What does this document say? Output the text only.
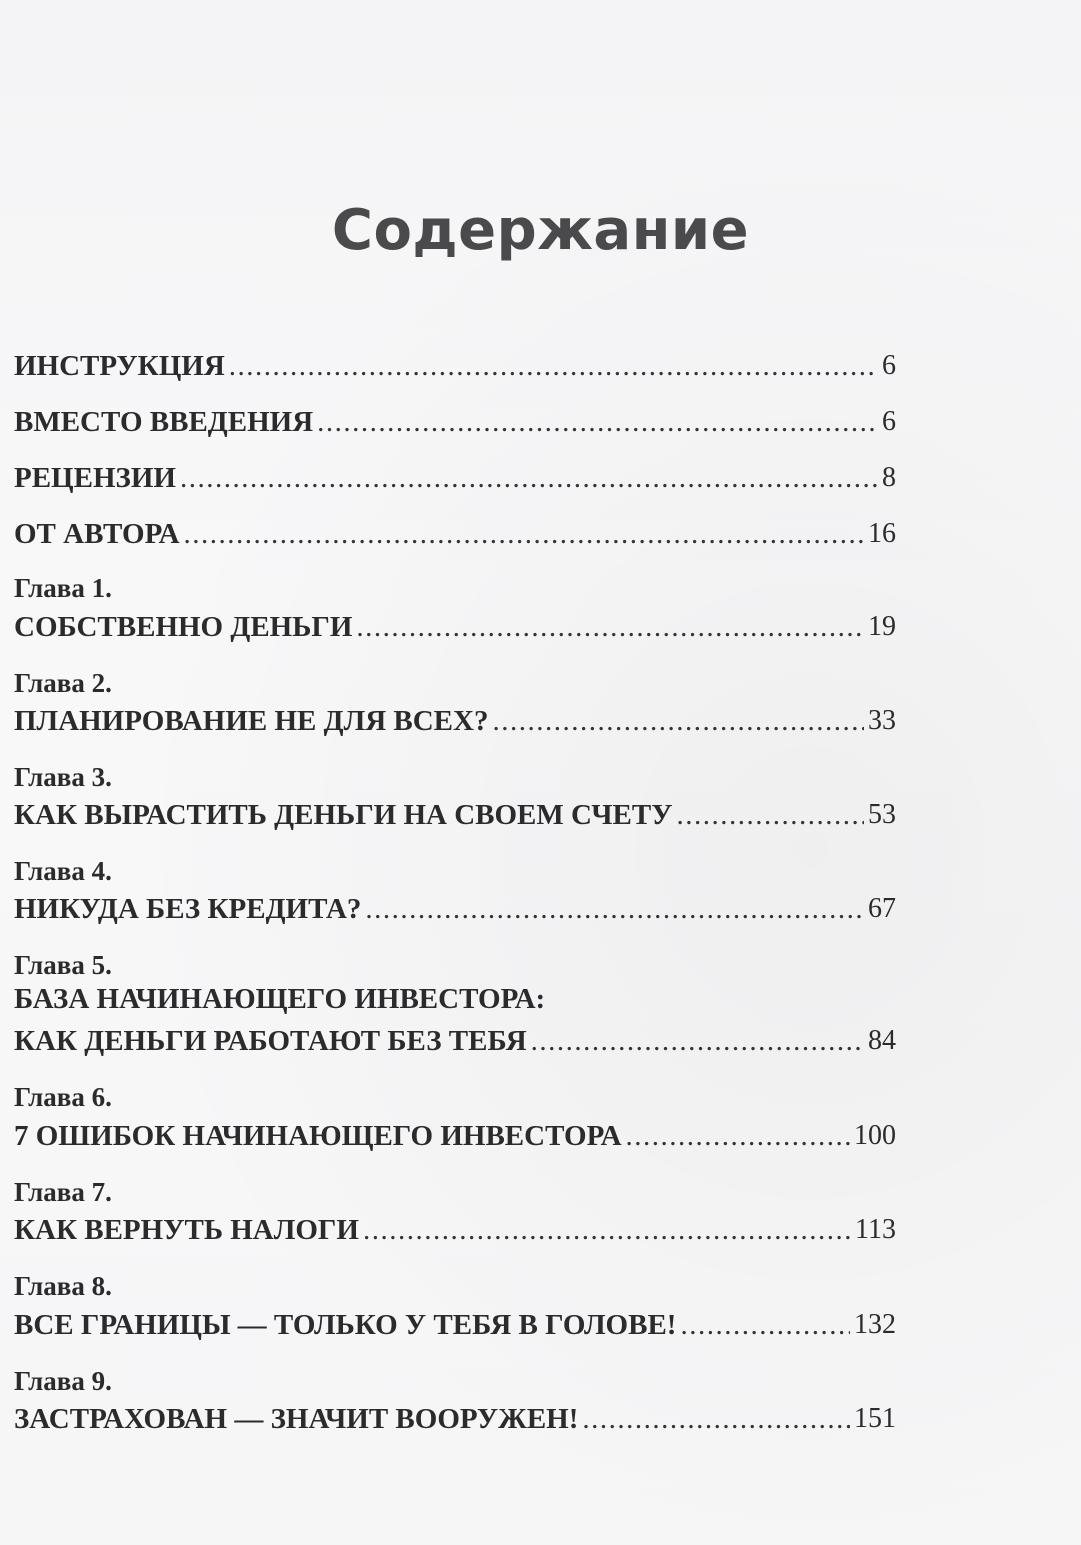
Содержание
ИНСТРУКЦИЯ .....	6
ВМЕСТО ВВЕДЕНИЯ .....	6
РЕЦЕНЗИИ .....	8
ОТ АВТОРА .....	16
Глава 1.
СОБСТВЕННО ДЕНЬГИ .....	19
Глава 2.
ПЛАНИРОВАНИЕ НЕ ДЛЯ ВСЕХ? .....	33
Глава 3.
КАК ВЫРАСТИТЬ ДЕНЬГИ НА СВОЕМ СЧЕТУ .....	53
Глава 4.
НИКУДА БЕЗ КРЕДИТА? .....	67
Глава 5.
БАЗА НАЧИНАЮЩЕГО ИНВЕСТОРА:
КАК ДЕНЬГИ РАБОТАЮТ БЕЗ ТЕБЯ .....	84
Глава 6.
7 ОШИБОК НАЧИНАЮЩЕГО ИНВЕСТОРА .....	100
Глава 7.
КАК ВЕРНУТЬ НАЛОГИ .....	113
Глава 8.
ВСЕ ГРАНИЦЫ — ТОЛЬКО У ТЕБЯ В ГОЛОВЕ! .....	132
Глава 9.
ЗАСТРАХОВАН — ЗНАЧИТ ВООРУЖЕН! .....	151
